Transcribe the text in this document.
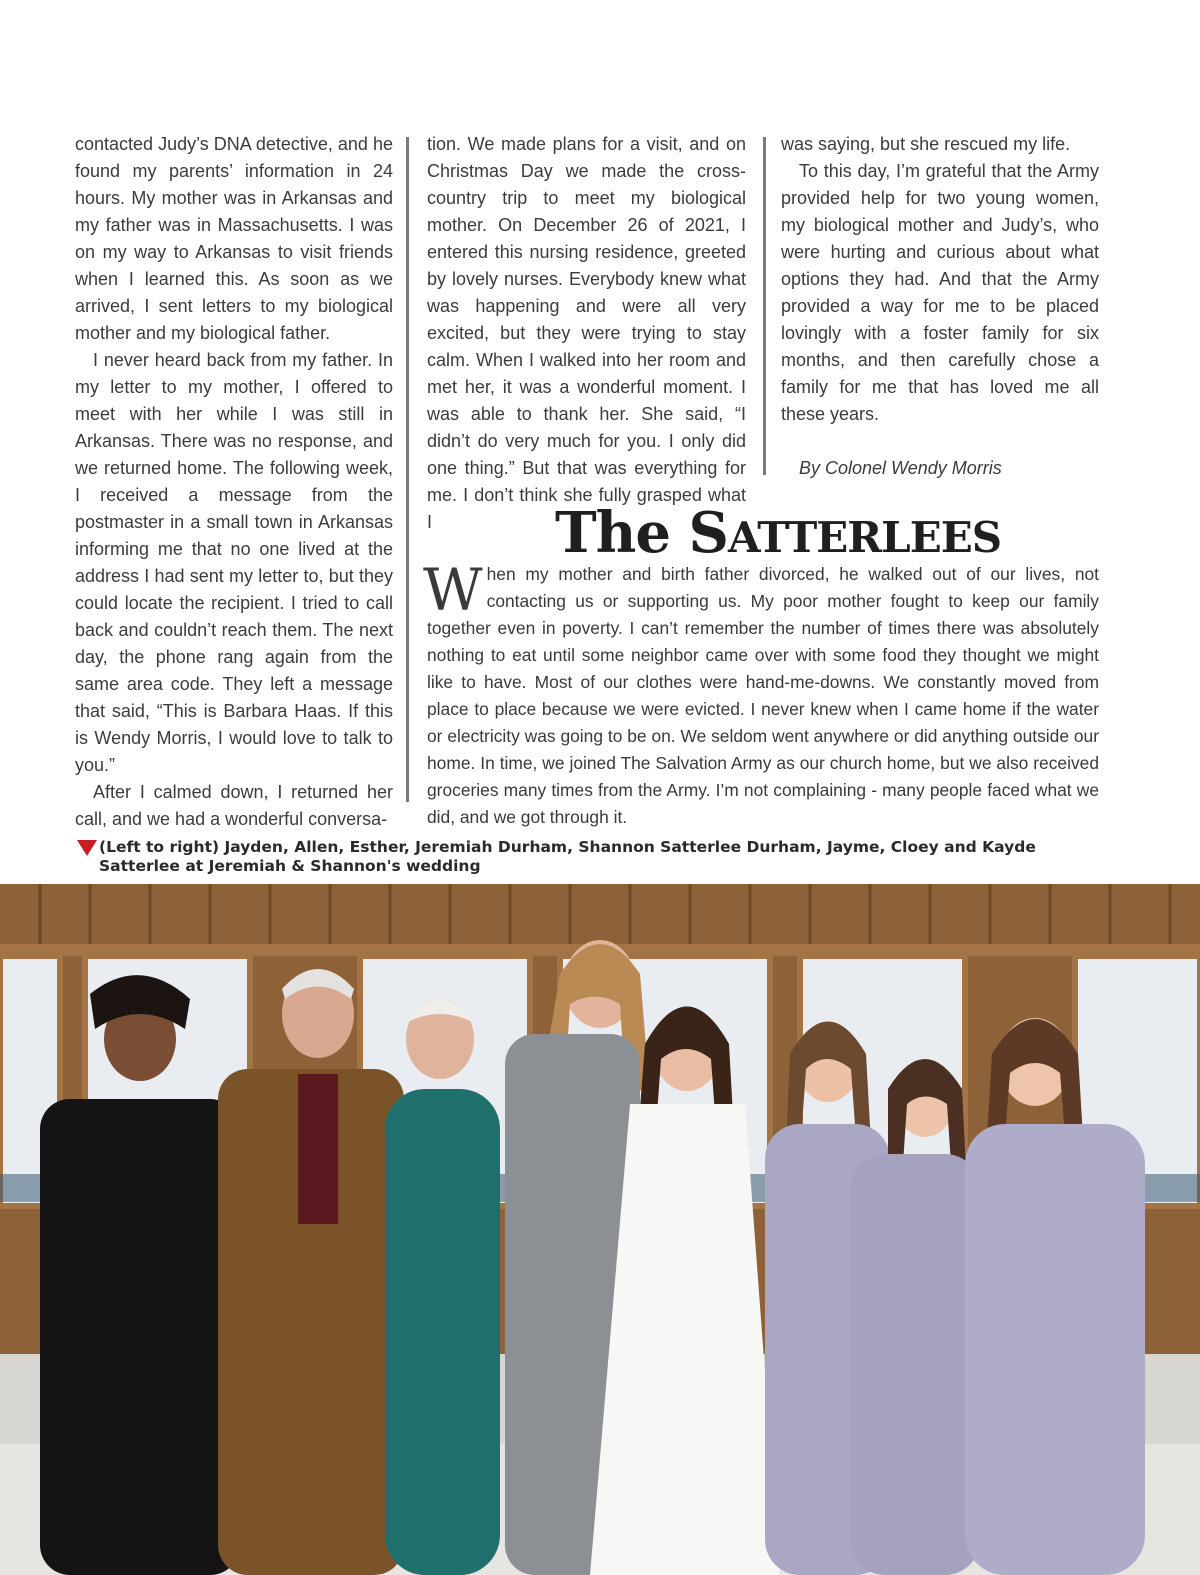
contacted Judy’s DNA detective, and he found my parents’ information in 24 hours. My mother was in Arkansas and my father was in Massachusetts. I was on my way to Arkansas to visit friends when I learned this. As soon as we arrived, I sent letters to my biological mother and my biological father.

I never heard back from my father. In my letter to my mother, I offered to meet with her while I was still in Arkansas. There was no response, and we returned home. The following week, I received a message from the postmaster in a small town in Arkansas informing me that no one lived at the address I had sent my letter to, but they could locate the recipient. I tried to call back and couldn’t reach them. The next day, the phone rang again from the same area code. They left a message that said, “This is Barbara Haas. If this is Wendy Morris, I would love to talk to you.”

After I calmed down, I returned her call, and we had a wonderful conversa-

tion. We made plans for a visit, and on Christmas Day we made the cross-country trip to meet my biological mother. On December 26 of 2021, I entered this nursing residence, greeted by lovely nurses. Everybody knew what was happening and were all very excited, but they were trying to stay calm. When I walked into her room and met her, it was a wonderful moment. I was able to thank her. She said, “I didn’t do very much for you. I only did one thing.” But that was everything for me. I don’t think she fully grasped what I

was saying, but she rescued my life.

To this day, I’m grateful that the Army provided help for two young women, my biological mother and Judy’s, who were hurting and curious about what options they had. And that the Army provided a way for me to be placed lovingly with a foster family for six months, and then carefully chose a family for me that has loved me all these years.

By Colonel Wendy Morris

The SATTERLEES

When my mother and birth father divorced, he walked out of our lives, not contacting us or supporting us. My poor mother fought to keep our family together even in poverty. I can’t remember the number of times there was absolutely nothing to eat until some neighbor came over with some food they thought we might like to have. Most of our clothes were hand-me-downs. We constantly moved from place to place because we were evicted. I never knew when I came home if the water or electricity was going to be on. We seldom went anywhere or did anything outside our home. In time, we joined The Salvation Army as our church home, but we also received groceries many times from the Army. I’m not complaining - many people faced what we did, and we got through it.

(Left to right) Jayden, Allen, Esther, Jeremiah Durham, Shannon Satterlee Durham, Jayme, Cloey and Kayde Satterlee at Jeremiah & Shannon's wedding
